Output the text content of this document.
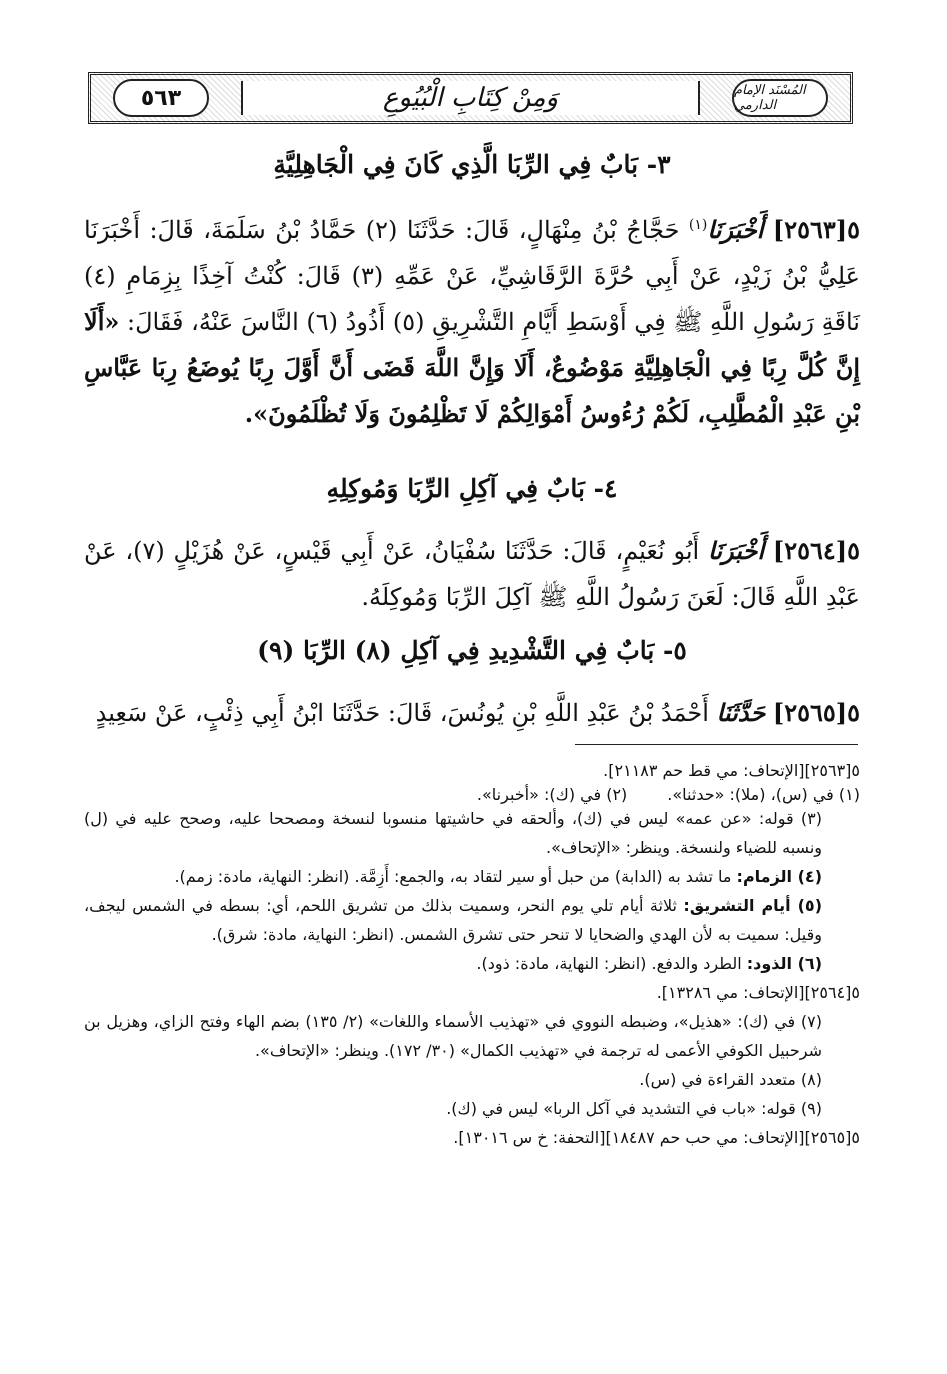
٥٦٣	وَمِنْ كِتَابِ الْبُيُوعِ	المُسْنَد الإمام الدارمي
٣- بَابٌ فِي الرِّبَا الَّذِي كَانَ فِي الْجَاهِلِيَّةِ
٥[٢٥٦٣] أَخْبَرَنَا$^{(١)}$ حَجَّاجُ بْنُ مِنْهَالٍ، قَالَ: حَدَّثَنَا (٢) حَمَّادُ بْنُ سَلَمَةَ، قَالَ: أَخْبَرَنَا عَلِيُّ بْنُ زَيْدٍ، عَنْ أَبِي حُرَّةَ الرَّقَاشِيِّ، عَنْ عَمِّهِ (٣) قَالَ: كُنْتُ آخِذًا بِزِمَامِ (٤) نَاقَةِ رَسُولِ اللَّهِ ﷺ فِي أَوْسَطِ أَيَّامِ التَّشْرِيقِ (٥) أَذُودُ (٦) النَّاسَ عَنْهُ، فَقَالَ: «أَلَا إِنَّ كُلَّ رِبًا فِي الْجَاهِلِيَّةِ مَوْضُوعٌ، أَلَا وَإِنَّ اللَّهَ قَضَى أَنَّ أَوَّلَ رِبًا يُوضَعُ رِبَا عَبَّاسِ بْنِ عَبْدِ الْمُطَّلِبِ، لَكُمْ رُءُوسُ أَمْوَالِكُمْ لَا تَظْلِمُونَ وَلَا تُظْلَمُونَ».
٤- بَابٌ فِي آكِلِ الرِّبَا وَمُوكِلِهِ
٥[٢٥٦٤] أَخْبَرَنَا أَبُو نُعَيْمٍ، قَالَ: حَدَّثَنَا سُفْيَانُ، عَنْ أَبِي قَيْسٍ، عَنْ هُزَيْلٍ (٧)، عَنْ عَبْدِ اللَّهِ قَالَ: لَعَنَ رَسُولُ اللَّهِ ﷺ آكِلَ الرِّبَا وَمُوكِلَهُ.
٥- بَابٌ فِي التَّشْدِيدِ فِي آكِلِ (٨) الرِّبَا (٩)
٥[٢٥٦٥] حَدَّثَنَا أَحْمَدُ بْنُ عَبْدِ اللَّهِ بْنِ يُونُسَ، قَالَ: حَدَّثَنَا ابْنُ أَبِي ذِئْبٍ، عَنْ سَعِيدٍ
٥[٢٥٦٣][الإتحاف: مي قط حم ٢١١٨٣].
(١) في (س)، (ملا): «حدثنا».
(٢) في (ك): «أخبرنا».
(٣) قوله: «عن عمه» ليس في (ك)، وألحقه في حاشيتها منسوبا لنسخة ومصححا عليه، وصحح عليه في (ل) ونسبه للضياء ولنسخة. وينظر: «الإتحاف».
(٤) الزمام: ما تشد به (الدابة) من حبل أو سير لتقاد به، والجمع: أَزِمَّة. (انظر: النهاية، مادة: زمم).
(٥) أيام التشريق: ثلاثة أيام تلي يوم النحر، وسميت بذلك من تشريق اللحم، أي: بسطه في الشمس ليجف، وقيل: سميت به لأن الهدي والضحايا لا تنحر حتى تشرق الشمس. (انظر: النهاية، مادة: شرق).
(٦) الذود: الطرد والدفع. (انظر: النهاية، مادة: ذود).
٥[٢٥٦٤][الإتحاف: مي ١٣٢٨٦].
(٧) في (ك): «هذيل»، وضبطه النووي في «تهذيب الأسماء واللغات» (٢/ ١٣٥) بضم الهاء وفتح الزاي، وهزيل بن شرحبيل الكوفي الأعمى له ترجمة في «تهذيب الكمال» (٣٠/ ١٧٢). وينظر: «الإتحاف».
(٨) متعدد القراءة في (س).
(٩) قوله: «باب في التشديد في آكل الربا» ليس في (ك).
٥[٢٥٦٥][الإتحاف: مي حب حم ١٨٤٨٧][التحفة: خ س ١٣٠١٦].
